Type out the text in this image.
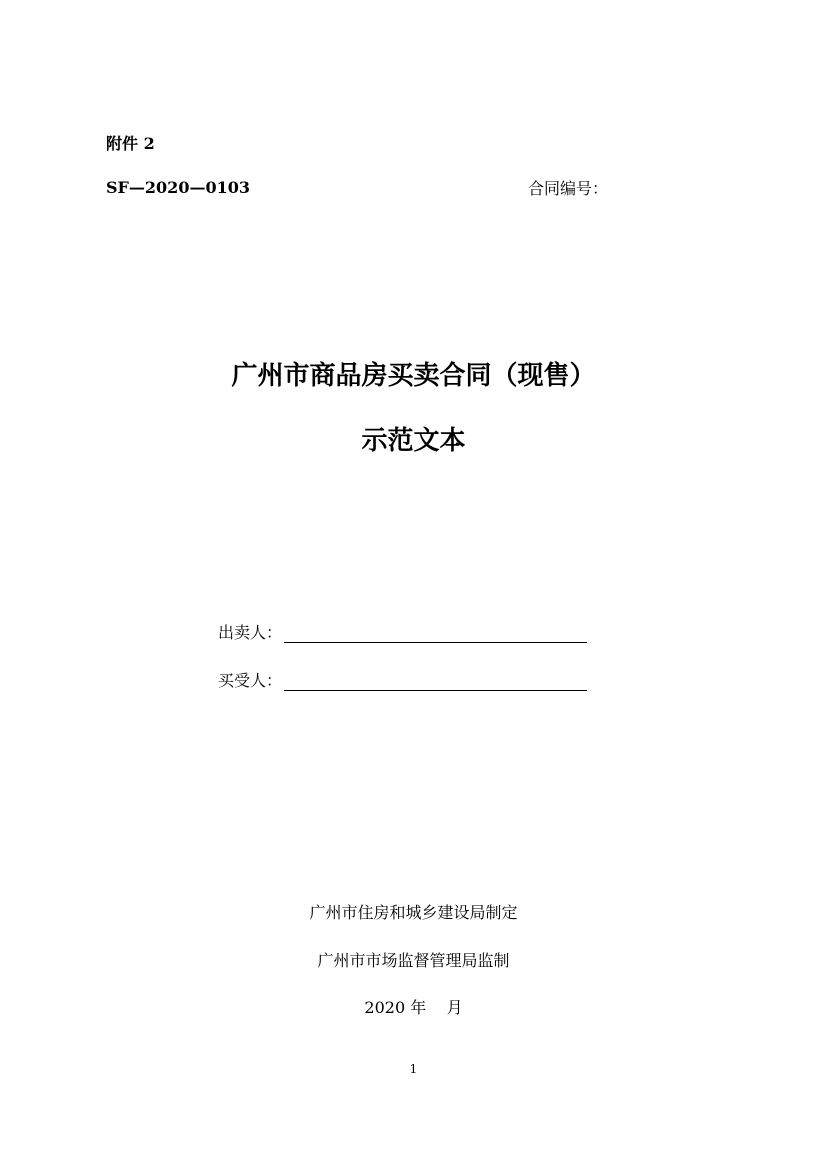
附件 2
SF—2020—0103	合同编号：
广州市商品房买卖合同（现售）
示范文本
出卖人：
买受人：
广州市住房和城乡建设局制定
广州市市场监督管理局监制
2020 年    月
1
